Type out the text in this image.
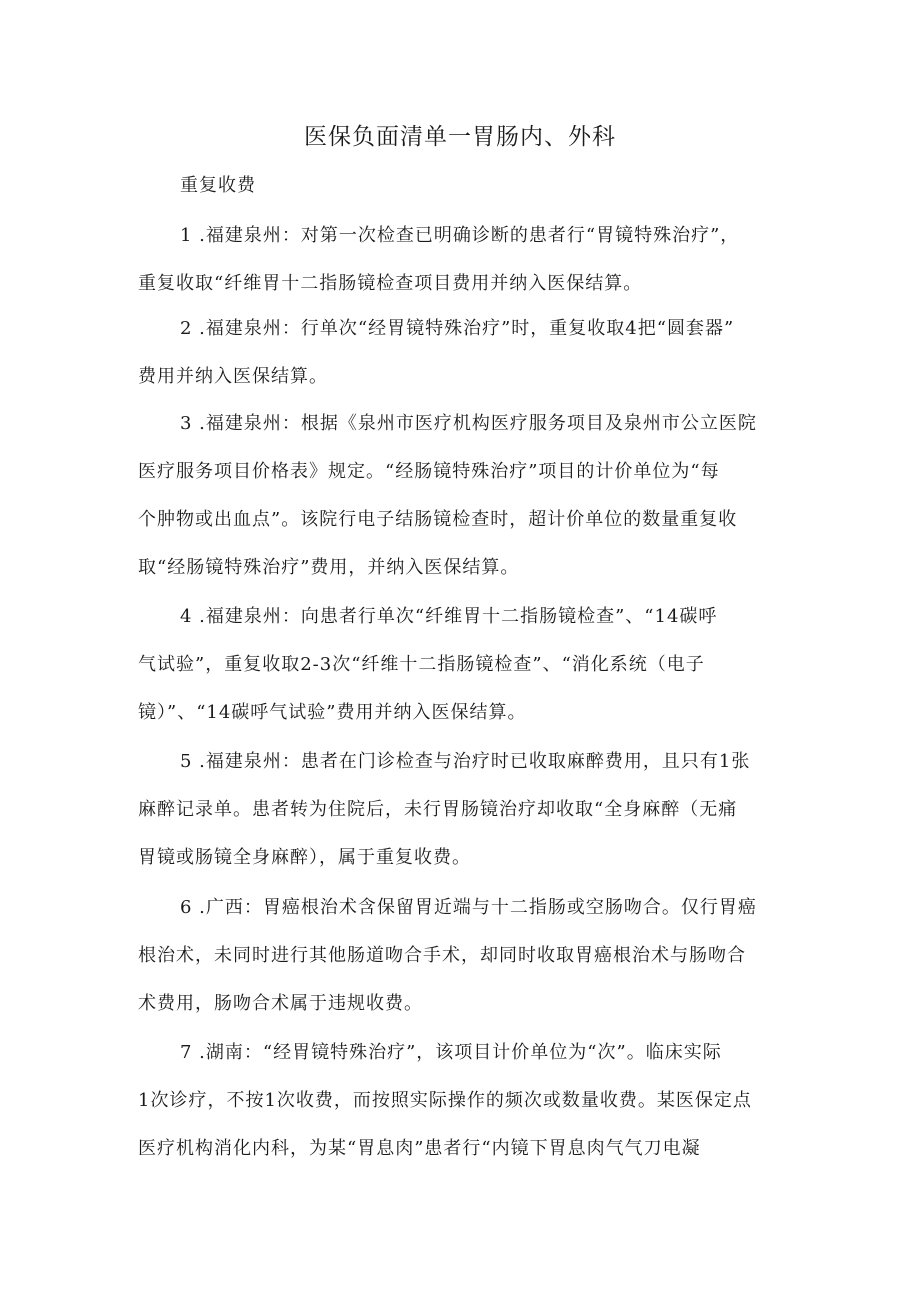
医保负面清单一胃肠内、外科
重复收费
1 .福建泉州：对第一次检查已明确诊断的患者行“胃镜特殊治疗”，
重复收取“纤维胃十二指肠镜检查项目费用并纳入医保结算。
2 .福建泉州：行单次“经胃镜特殊治疗”时，重复收取4把“圆套器”
费用并纳入医保结算。
3 .福建泉州：根据《泉州市医疗机构医疗服务项目及泉州市公立医院
医疗服务项目价格表》规定。“经肠镜特殊治疗”项目的计价单位为“每
个肿物或出血点”。该院行电子结肠镜检查时，超计价单位的数量重复收
取“经肠镜特殊治疗”费用，并纳入医保结算。
4 .福建泉州：向患者行单次“纤维胃十二指肠镜检查”、“14碳呼
气试验”，重复收取2-3次“纤维十二指肠镜检查”、“消化系统（电子
镜）”、“14碳呼气试验”费用并纳入医保结算。
5 .福建泉州：患者在门诊检查与治疗时已收取麻醉费用，且只有1张
麻醉记录单。患者转为住院后，未行胃肠镜治疗却收取“全身麻醉（无痛
胃镜或肠镜全身麻醉），属于重复收费。
6 .广西：胃癌根治术含保留胃近端与十二指肠或空肠吻合。仅行胃癌
根治术，未同时进行其他肠道吻合手术，却同时收取胃癌根治术与肠吻合
术费用，肠吻合术属于违规收费。
7 .湖南：“经胃镜特殊治疗”，该项目计价单位为“次”。临床实际
1次诊疗，不按1次收费，而按照实际操作的频次或数量收费。某医保定点
医疗机构消化内科，为某“胃息肉”患者行“内镜下胃息肉气气刀电凝
